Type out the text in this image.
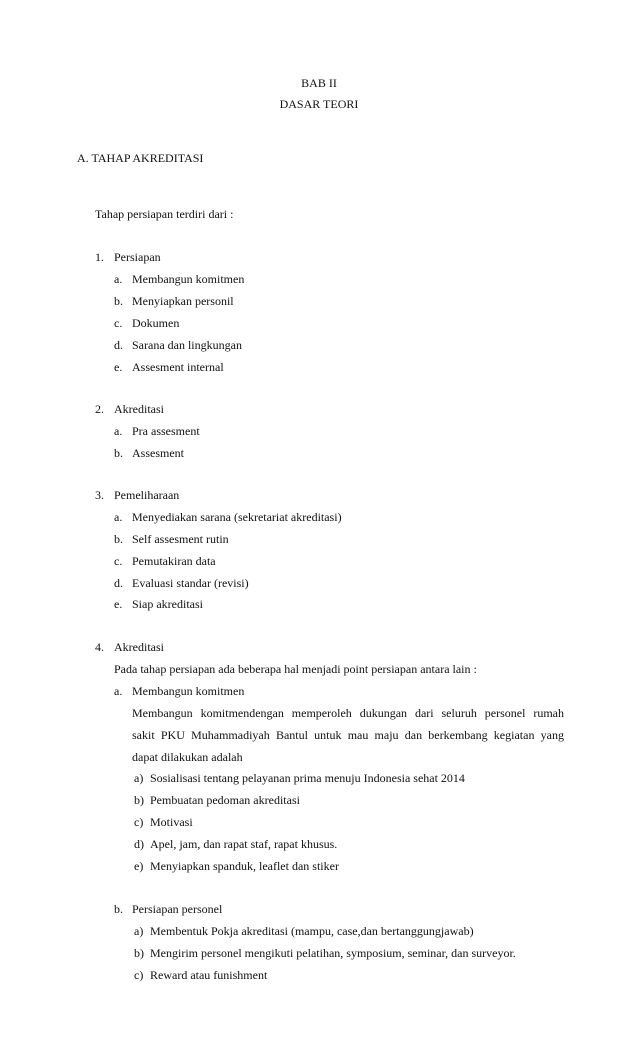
BAB II
DASAR TEORI
A. TAHAP AKREDITASI
Tahap persiapan terdiri dari :
1. Persiapan
a. Membangun komitmen
b. Menyiapkan personil
c. Dokumen
d. Sarana dan lingkungan
e. Assesment internal
2. Akreditasi
a. Pra assesment
b. Assesment
3. Pemeliharaan
a. Menyediakan sarana (sekretariat akreditasi)
b. Self assesment rutin
c. Pemutakiran data
d. Evaluasi standar (revisi)
e. Siap akreditasi
4. Akreditasi
Pada tahap persiapan ada beberapa hal menjadi point persiapan antara lain :
a. Membangun komitmen
Membangun komitmendengan memperoleh dukungan dari seluruh personel rumah
sakit PKU Muhammadiyah Bantul untuk mau maju dan berkembang kegiatan yang
dapat dilakukan adalah
a) Sosialisasi tentang pelayanan prima menuju Indonesia sehat 2014
b) Pembuatan pedoman akreditasi
c) Motivasi
d) Apel, jam, dan rapat staf, rapat khusus.
e) Menyiapkan spanduk, leaflet dan stiker
b. Persiapan personel
a) Membentuk Pokja akreditasi (mampu, case,dan bertanggungjawab)
b) Mengirim personel mengikuti pelatihan, symposium, seminar, dan surveyor.
c) Reward atau funishment
